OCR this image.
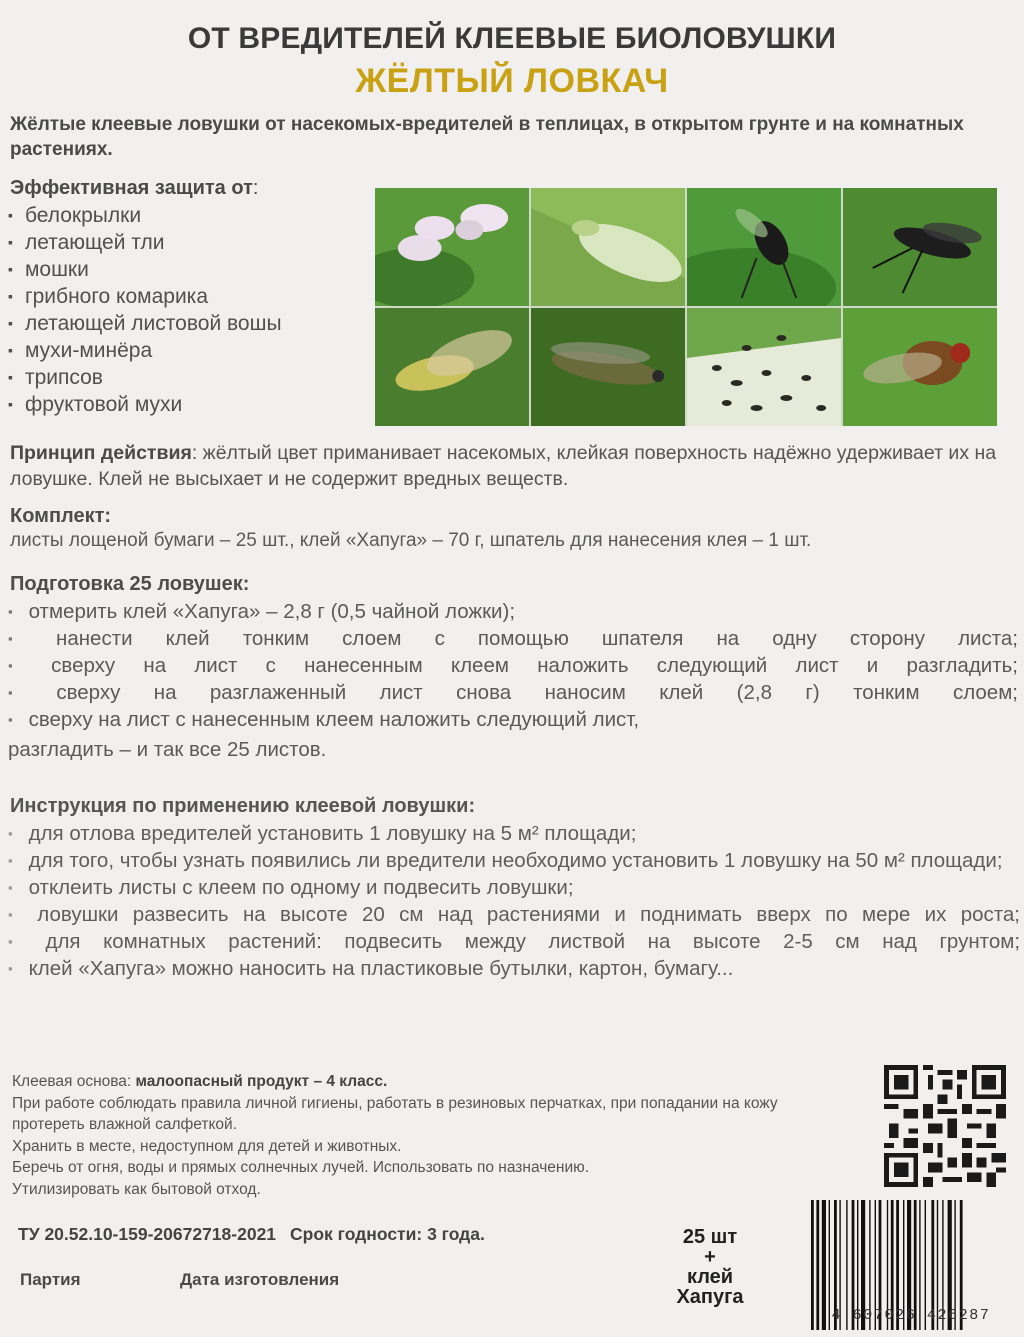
ОТ ВРЕДИТЕЛЕЙ КЛЕЕВЫЕ БИОЛОВУШКИ
ЖЁЛТЫЙ ЛОВКАЧ
Жёлтые клеевые ловушки от насекомых-вредителей в теплицах, в открытом грунте и на комнатных растениях.
Эффективная защита от:
▪ белокрылки
▪ летающей тли
▪ мошки
▪ грибного комарика
▪ летающей листовой вошы
▪ мухи-минёра
▪ трипсов
▪ фруктовой мухи
Принцип действия: жёлтый цвет приманивает насекомых, клейкая поверхность надёжно удерживает их на ловушке. Клей не высыхает и не содержит вредных веществ.
Комплект:
листы лощеной бумаги – 25 шт., клей «Хапуга» – 70 г, шпатель для нанесения клея – 1 шт.
Подготовка 25 ловушек:
▪ отмерить клей «Хапуга» – 2,8 г (0,5 чайной ложки);
▪ нанести клей тонким слоем с помощью шпателя на одну сторону листа;
▪ сверху на лист с нанесенным клеем наложить следующий лист и разгладить;
▪ сверху на разглаженный лист снова наносим клей (2,8 г) тонким слоем;
▪ сверху на лист с нанесенным клеем наложить следующий лист,
разгладить – и так все 25 листов.
Инструкция по применению клеевой ловушки:
▪ для отлова вредителей установить 1 ловушку на 5 м² площади;
▪ для того, чтобы узнать появились ли вредители необходимо установить 1 ловушку на 50 м² площади;
▪ отклеить листы с клеем по одному и подвесить ловушки;
▪ ловушки развесить на высоте 20 см над растениями и поднимать вверх по мере их роста;
▪ для комнатных растений: подвесить между листвой на высоте 2-5 см над грунтом;
▪ клей «Хапуга» можно наносить на пластиковые бутылки, картон, бумагу...
Клеевая основа: малоопасный продукт – 4 класс.
При работе соблюдать правила личной гигиены, работать в резиновых перчатках, при попадании на кожу протереть влажной салфеткой.
Хранить в месте, недоступном для детей и животных.
Беречь от огня, воды и прямых солнечных лучей. Использовать по назначению.
Утилизировать как бытовой отход.
ТУ 20.52.10-159-20672718-2021 Срок годности: 3 года.
Партия	Дата изготовления
25 шт
+
клей
Хапуга
4 607026 426287
